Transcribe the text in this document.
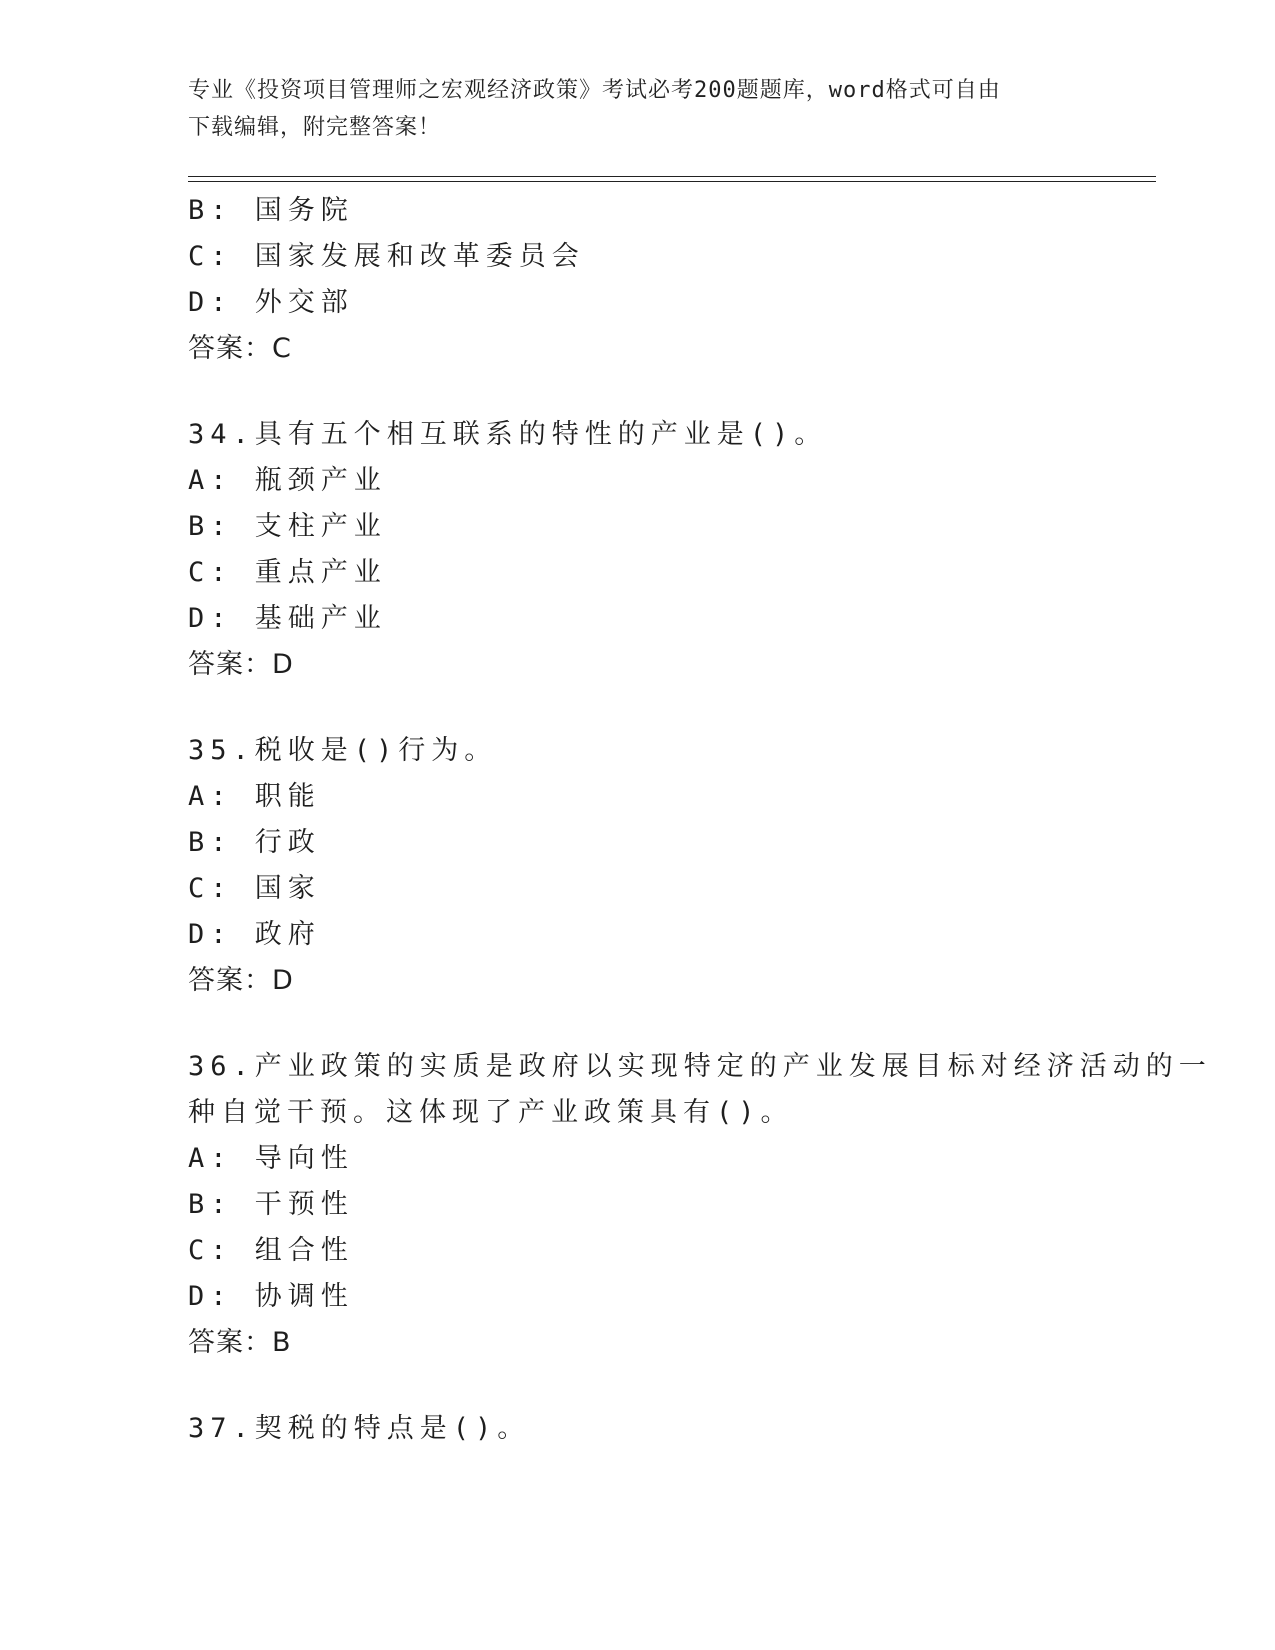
专业《投资项目管理师之宏观经济政策》考试必考200题题库，word格式可自由
下载编辑，附完整答案！
B: 国务院
C: 国家发展和改革委员会
D: 外交部
答案：C
34.具有五个相互联系的特性的产业是()。
A: 瓶颈产业
B: 支柱产业
C: 重点产业
D: 基础产业
答案：D
35.税收是()行为。
A: 职能
B: 行政
C: 国家
D: 政府
答案：D
36.产业政策的实质是政府以实现特定的产业发展目标对经济活动的一
种自觉干预。这体现了产业政策具有()。
A: 导向性
B: 干预性
C: 组合性
D: 协调性
答案：B
37.契税的特点是()。
